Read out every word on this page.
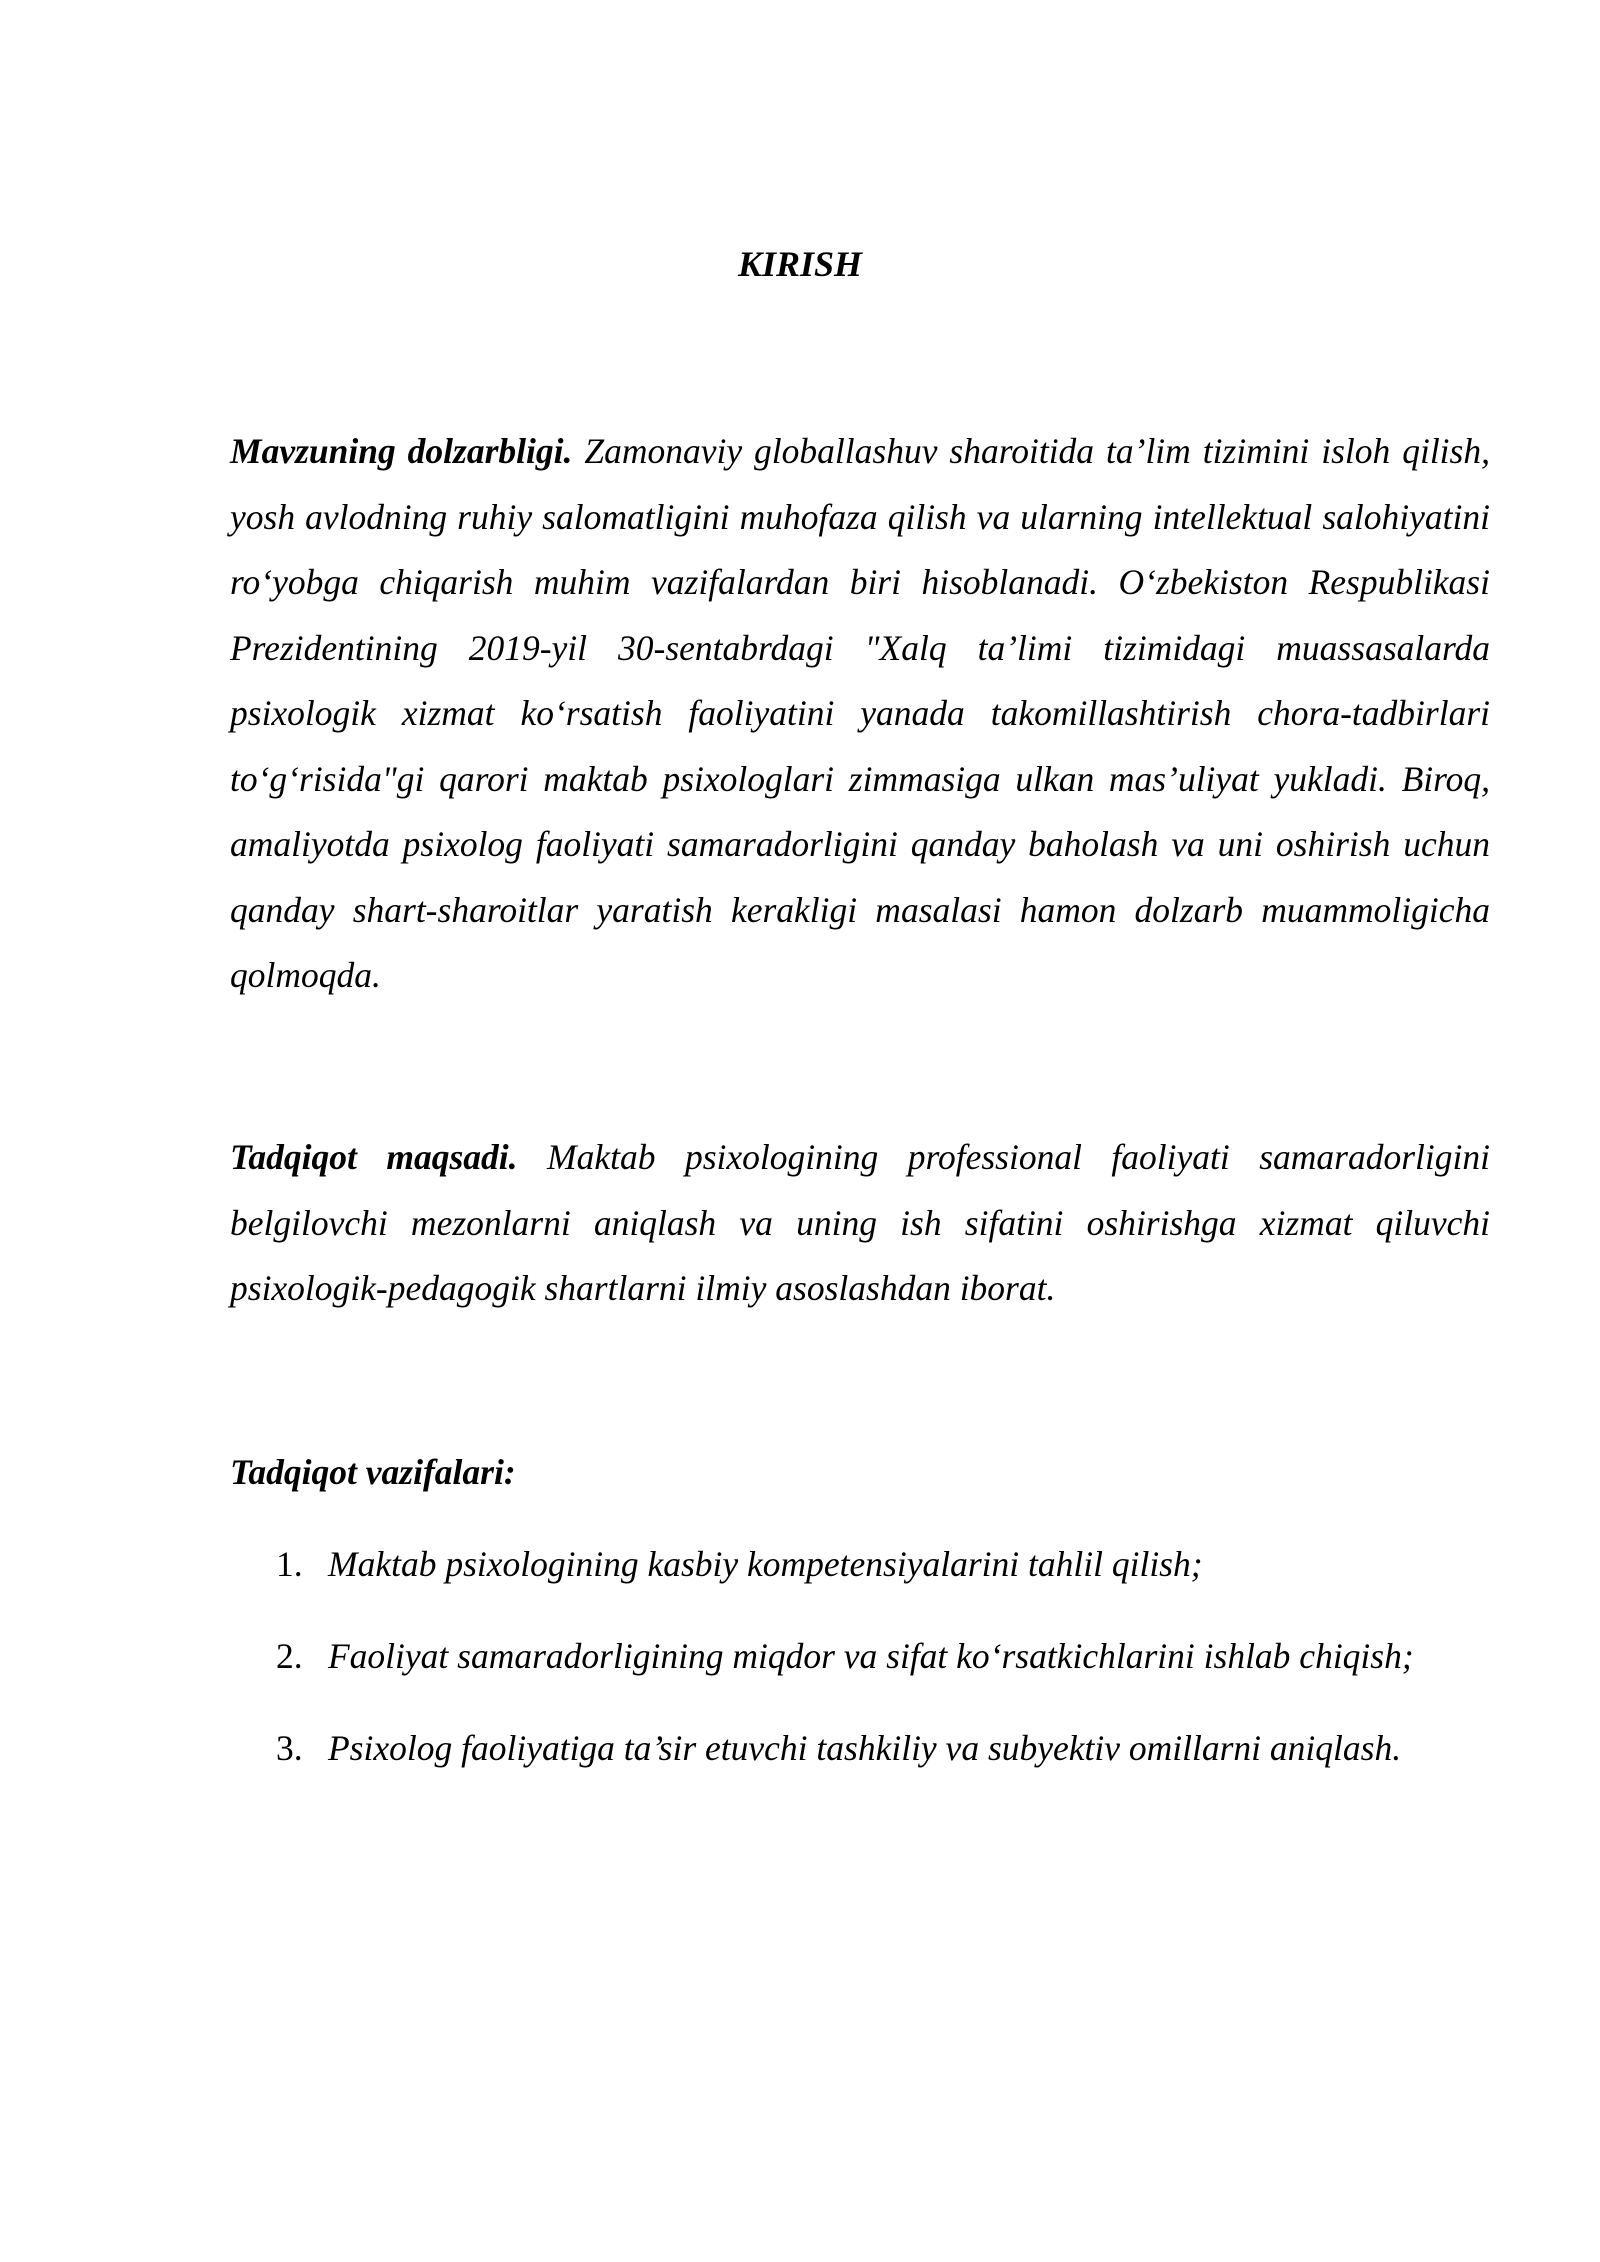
KIRISH

Mavzuning dolzarbligi. Zamonaviy globallashuv sharoitida ta’lim tizimini isloh qilish, yosh avlodning ruhiy salomatligini muhofaza qilish va ularning intellektual salohiyatini ro‘yobga chiqarish muhim vazifalardan biri hisoblanadi. O‘zbekiston Respublikasi Prezidentining 2019-yil 30-sentabrdagi "Xalq ta’limi tizimidagi muassasalarda psixologik xizmat ko‘rsatish faoliyatini yanada takomillashtirish chora-tadbirlari to‘g‘risida"gi qarori maktab psixologlari zimmasiga ulkan mas’uliyat yukladi. Biroq, amaliyotda psixolog faoliyati samaradorligini qanday baholash va uni oshirish uchun qanday shart-sharoitlar yaratish kerakligi masalasi hamon dolzarb muammoligicha qolmoqda.

Tadqiqot maqsadi. Maktab psixologining professional faoliyati samaradorligini belgilovchi mezonlarni aniqlash va uning ish sifatini oshirishga xizmat qiluvchi psixologik-pedagogik shartlarni ilmiy asoslashdan iborat.

Tadqiqot vazifalari:

1. Maktab psixologining kasbiy kompetensiyalarini tahlil qilish;
2. Faoliyat samaradorligining miqdor va sifat ko‘rsatkichlarini ishlab chiqish;
3. Psixolog faoliyatiga ta’sir etuvchi tashkiliy va subyektiv omillarni aniqlash.
